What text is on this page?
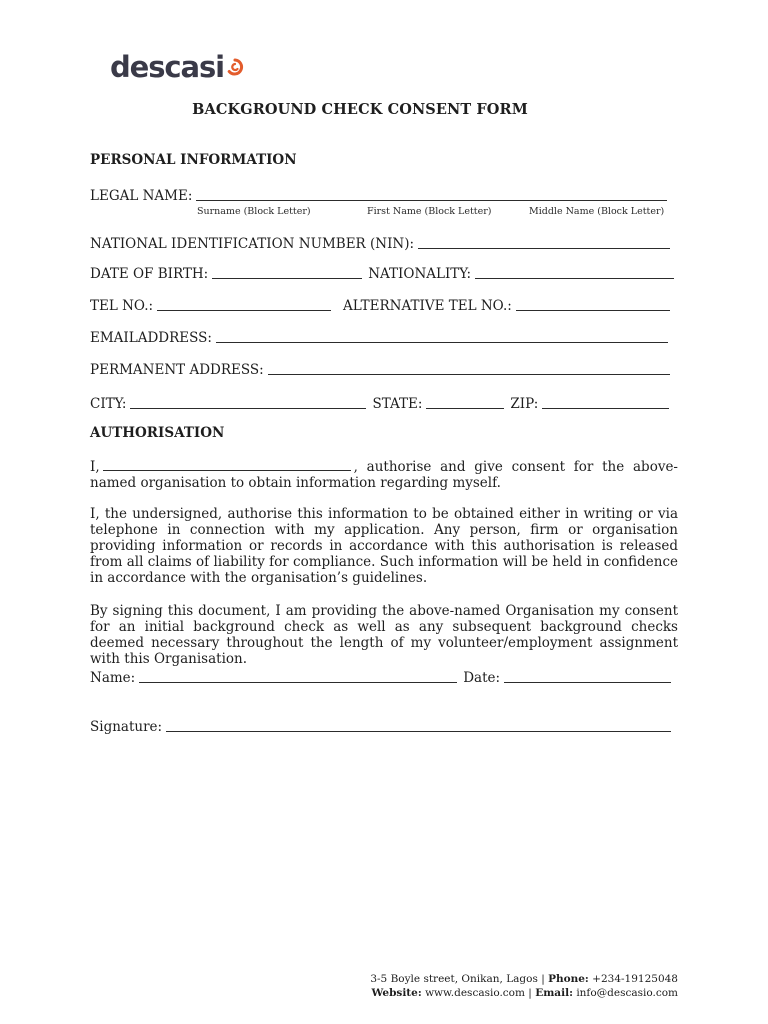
descasi
BACKGROUND CHECK CONSENT FORM
PERSONAL INFORMATION
LEGAL NAME:
Surname (Block Letter)	First Name (Block Letter)	Middle Name (Block Letter)
NATIONAL IDENTIFICATION NUMBER (NIN):
DATE OF BIRTH:	NATIONALITY:
TEL NO.:	ALTERNATIVE TEL NO.:
EMAILADDRESS:
PERMANENT ADDRESS:
CITY:	STATE:	ZIP:
AUTHORISATION
I,	, authorise and give consent for the above-named organisation to obtain information regarding myself.
I, the undersigned, authorise this information to be obtained either in writing or via telephone in connection with my application. Any person, firm or organisation providing information or records in accordance with this authorisation is released from all claims of liability for compliance. Such information will be held in confidence in accordance with the organisation’s guidelines.
By signing this document, I am providing the above-named Organisation my consent for an initial background check as well as any subsequent background checks deemed necessary throughout the length of my volunteer/employment assignment with this Organisation.
Name:	Date:
Signature:
3-5 Boyle street, Onikan, Lagos | Phone: +234-19125048
Website: www.descasio.com | Email: info@descasio.com
